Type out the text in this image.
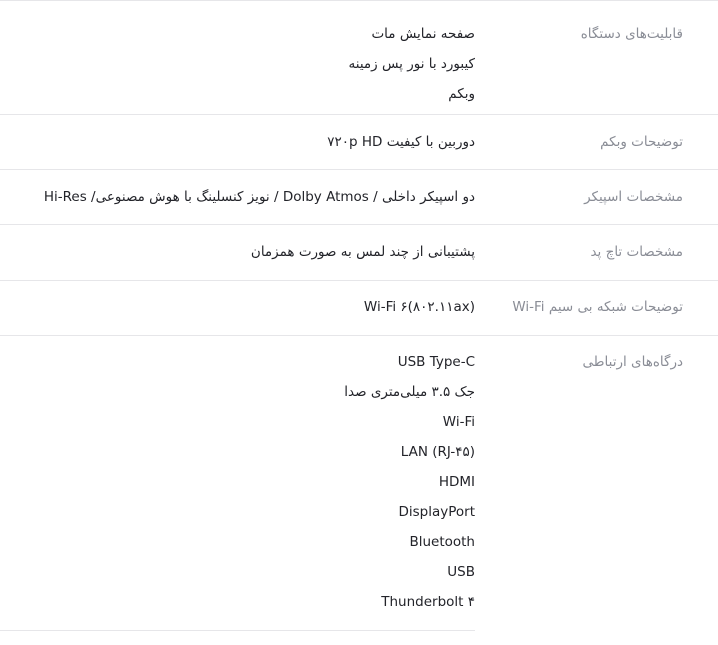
قابلیت‌های دستگاه
صفحه نمایش مات
کیبورد با نور پس زمینه
وبکم
توضیحات وبکم
دوربین با کیفیت ۷۲۰p HD
مشخصات اسپیکر
دو اسپیکر داخلی / Dolby Atmos / نویز کنسلینگ با هوش مصنوعی/ Hi-Res
مشخصات تاچ پد
پشتیبانی از چند لمس به صورت همزمان
توضیحات شبکه بی سیم Wi-Fi
Wi-Fi ۶(۸۰۲.۱۱ax)
درگاه‌های ارتباطی
USB Type-C
جک ۳.۵ میلی‌متری صدا
Wi-Fi
LAN (RJ-۴۵)
HDMI
DisplayPort
Bluetooth
USB
Thunderbolt ۴
